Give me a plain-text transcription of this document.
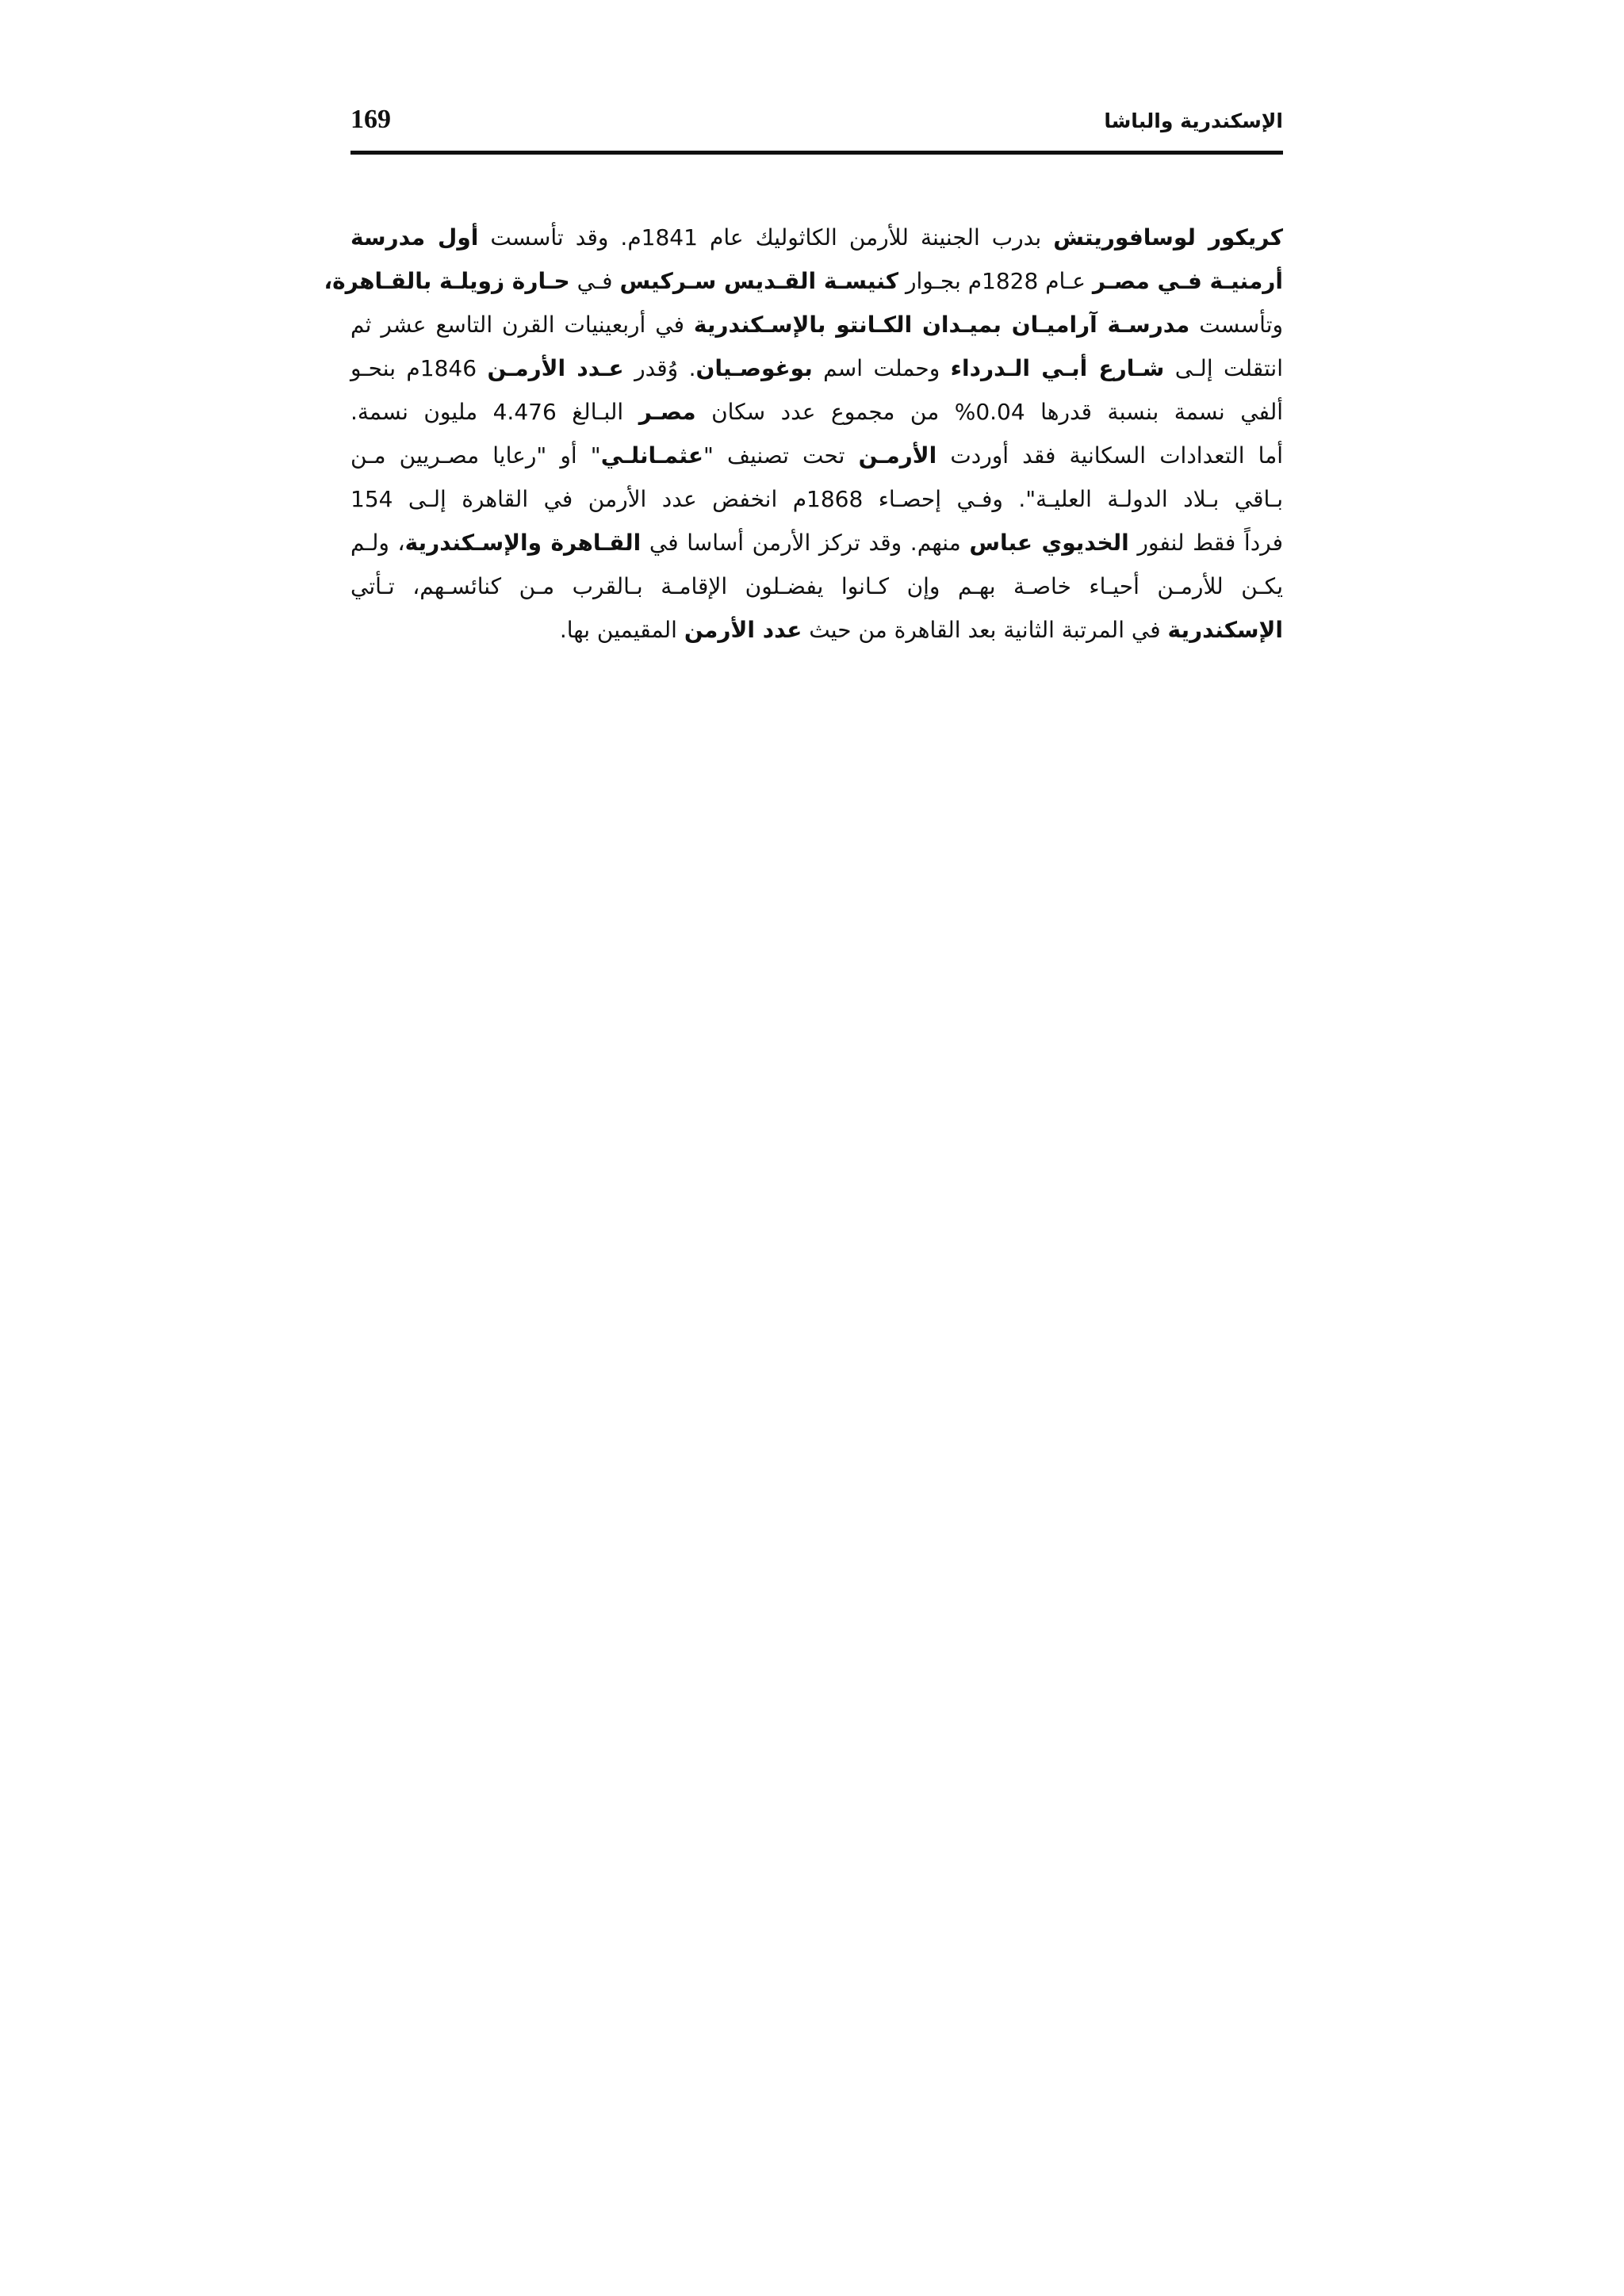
169	الإسكندرية والباشا
كريكور لوسافوريتش بدرب الجنينة للأرمن الكاثوليك عام 1841م. وقد تأسست أول مدرسة
أرمنيـة فـي مصـر عـام 1828م بجـوار كنيسـة القـديس سـركيس فـي حـارة زويلـة بالقـاهرة،
وتأسست مدرسـة آراميـان بميـدان الكـانتو بالإسـكندرية في أربعينيات القرن التاسع عشر ثم
انتقلت إلـى شـارع أبـي الـدرداء وحملت اسم بوغوصـيان. وُقدر عـدد الأرمـن 1846م بنحـو
ألفي نسمة بنسبة قدرها 0.04% من مجموع عدد سكان مصـر البـالغ 4.476 مليون نسمة.
أما التعدادات السكانية فقد أوردت الأرمـن تحت تصنيف "عثمـانلـي" أو "رعايا مصـريين مـن
بـاقي بـلاد الدولـة العليـة". وفـي إحصـاء 1868م انخفض عدد الأرمن في القاهرة إلـى 154
فرداً فقط لنفور الخديوي عباس منهم. وقد تركز الأرمن أساسا في القـاهرة والإسـكندرية، ولـم
يكـن للأرمـن أحيـاء خاصـة بهـم وإن كـانوا يفضـلون الإقامـة بـالقرب مـن كنائسـهم، تـأتي
الإسكندرية في المرتبة الثانية بعد القاهرة من حيث عدد الأرمن المقيمين بها.
